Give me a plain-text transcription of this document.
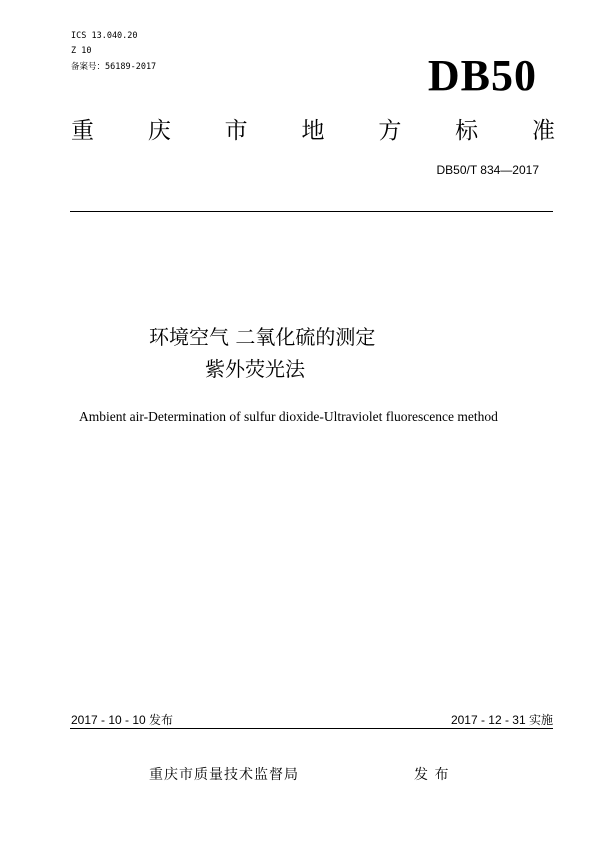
ICS 13.040.20
Z 10
备案号：56189-2017	DB50
重 庆 市 地 方 标 准
DB50/T 834—2017
环境空气 二氧化硫的测定
紫外荧光法
Ambient air-Determination of sulfur dioxide-Ultraviolet fluorescence method
2017 - 10 - 10 发布	2017 - 12 - 31 实施
重庆市质量技术监督局	发 布
